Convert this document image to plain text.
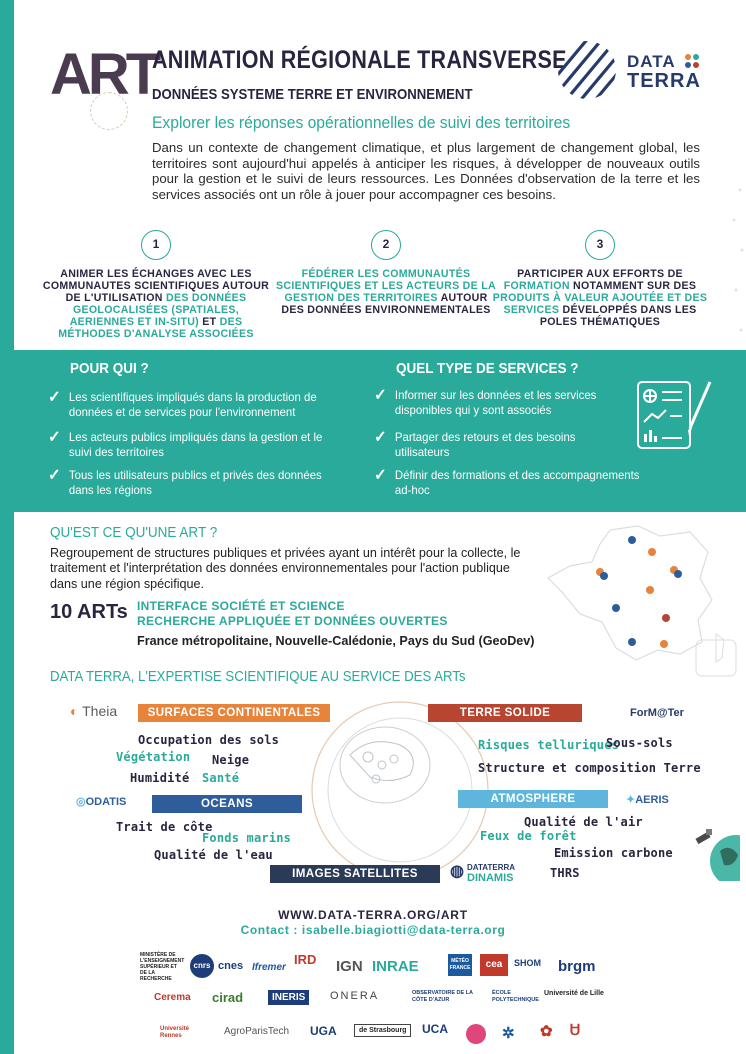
ART
ANIMATION RÉGIONALE TRANSVERSE
DONNÉES SYSTEME TERRE ET ENVIRONNEMENT
DATA
TERRA
Explorer les réponses opérationnelles de suivi des territoires
Dans un contexte de changement climatique, et plus largement de changement global, les territoires sont aujourd'hui appelés à anticiper les risques, à développer de nouveaux outils pour la gestion et le suivi de leurs ressources. Les Données d'observation de la terre et les services associés ont un rôle à jouer pour accompagner ces besoins.
1
ANIMER LES ÉCHANGES AVEC LES COMMUNAUTES SCIENTIFIQUES AUTOUR DE L'UTILISATION DES DONNÉES GEOLOCALISÉES (SPATIALES, AERIENNES ET IN-SITU) ET DES MÉTHODES D'ANALYSE ASSOCIÉES
2
FÉDÉRER LES COMMUNAUTÉS SCIENTIFIQUES ET LES ACTEURS DE LA GESTION DES TERRITOIRES AUTOUR DES DONNÉES ENVIRONNEMENTALES
3
PARTICIPER AUX EFFORTS DE FORMATION NOTAMMENT SUR DES PRODUITS À VALEUR AJOUTÉE ET DES SERVICES DÉVELOPPÉS DANS LES POLES THÉMATIQUES
POUR QUI ?
✓ Les scientifiques impliqués dans la production de données et de services pour l'environnement
✓ Les acteurs publics impliqués dans la gestion et le suivi des territoires
✓ Tous les utilisateurs publics et privés des données dans les régions
QUEL TYPE DE SERVICES ?
✓ Informer sur les données et les services disponibles qui y sont associés
✓ Partager des retours et des besoins utilisateurs
✓ Définir des formations et des accompagnements ad-hoc
QU'EST CE QU'UNE ART ?
Regroupement de structures publiques et privées ayant un intérêt pour la collecte, le traitement et l'interprétation des données environnementales pour l'action publique dans une région spécifique.
10 ARTs INTERFACE SOCIÉTÉ ET SCIENCE
RECHERCHE APPLIQUÉE ET DONNÉES OUVERTES
France métropolitaine, Nouvelle-Calédonie, Pays du Sud (GeoDev)
DATA TERRA, L'EXPERTISE SCIENTIFIQUE AU SERVICE DES ARTs
◐ Theia	SURFACES CONTINENTALES	TERRE SOLIDE	ForM@Ter
Occupation des sols
Végétation Neige
Humidité Santé
Risques telluriques
Sous-sols
Structure et composition Terre
◎ODATIS	OCEANS	ATMOSPHERE	✦AERIS
Trait de côte
Fonds marins
Qualité de l'eau
Qualité de l'air
Feux de forêt
Emission carbone
THRS
IMAGES SATELLITES	◍ DATATERRA
DINAMIS
WWW.DATA-TERRA.ORG/ART
Contact : isabelle.biagiotti@data-terra.org
MINISTÈRE DE L'ENSEIGNEMENT SUPÉRIEUR ET DE LA RECHERCHE
cnrs cnes Ifremer
IRD IGN INRAE	MÉTÉO FRANCE	cea	SHOM brgm
Cerema cirad	INERIS	ONERA	OBSERVATOIRE DE LA CÔTE D'AZUR
ÉCOLE POLYTECHNIQUE
Université de Lille
Université Rennes	AgroParisTech UGA	de Strasbourg	UCA	✲ ✿ Ꮜ
